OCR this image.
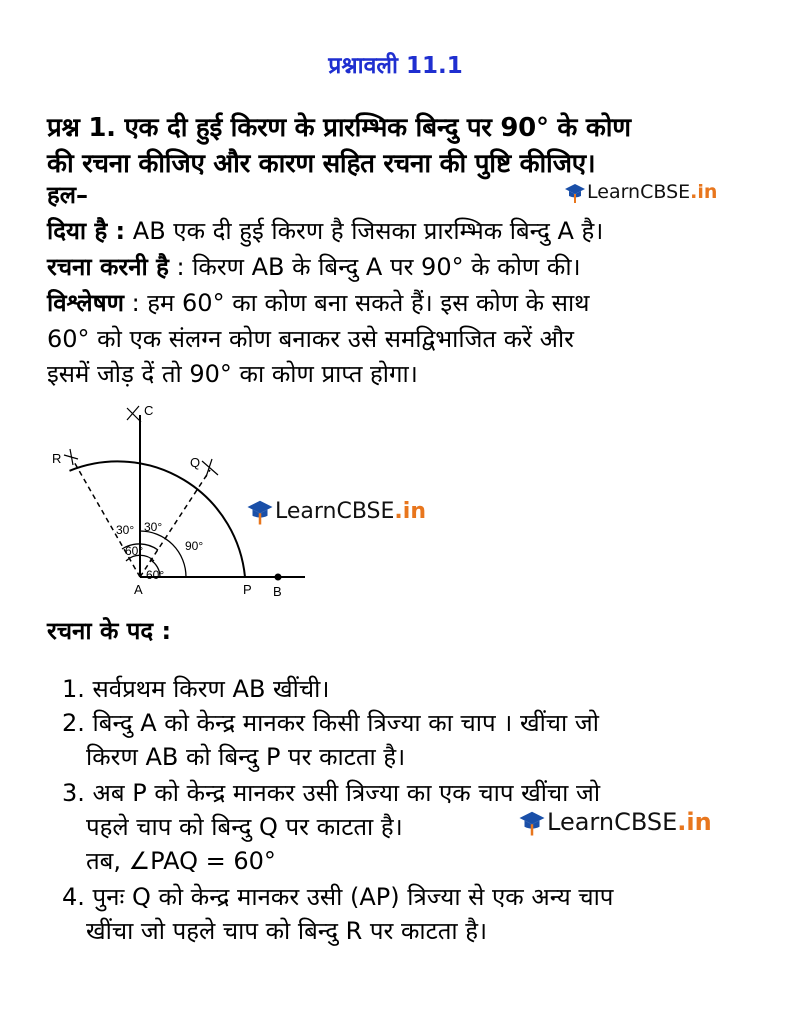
प्रश्नावली 11.1
प्रश्न 1. एक दी हुई किरण के प्रारम्भिक बिन्दु पर 90° के कोण
की रचना कीजिए और कारण सहित रचना की पुष्टि कीजिए।
हल–	LearnCBSE.in
दिया है : AB एक दी हुई किरण है जिसका प्रारम्भिक बिन्दु A है।
रचना करनी है : किरण AB के बिन्दु A पर 90° के कोण की।
विश्लेषण : हम 60° का कोण बना सकते हैं। इस कोण के साथ
60° को एक संलग्न कोण बनाकर उसे समद्विभाजित करें और
इसमें जोड़ दें तो 90° का कोण प्राप्त होगा।
C
R	Q
A	P B
30° 30°
60°
60°
90°
LearnCBSE.in
रचना के पद :
1. सर्वप्रथम किरण AB खींची।
2. बिन्दु A को केन्द्र मानकर किसी त्रिज्या का चाप । खींचा जो
किरण AB को बिन्दु P पर काटता है।
3. अब P को केन्द्र मानकर उसी त्रिज्या का एक चाप खींचा जो
पहले चाप को बिन्दु Q पर काटता है।
तब, ∠PAQ = 60°
LearnCBSE.in
4. पुनः Q को केन्द्र मानकर उसी (AP) त्रिज्या से एक अन्य चाप
खींचा जो पहले चाप को बिन्दु R पर काटता है।
